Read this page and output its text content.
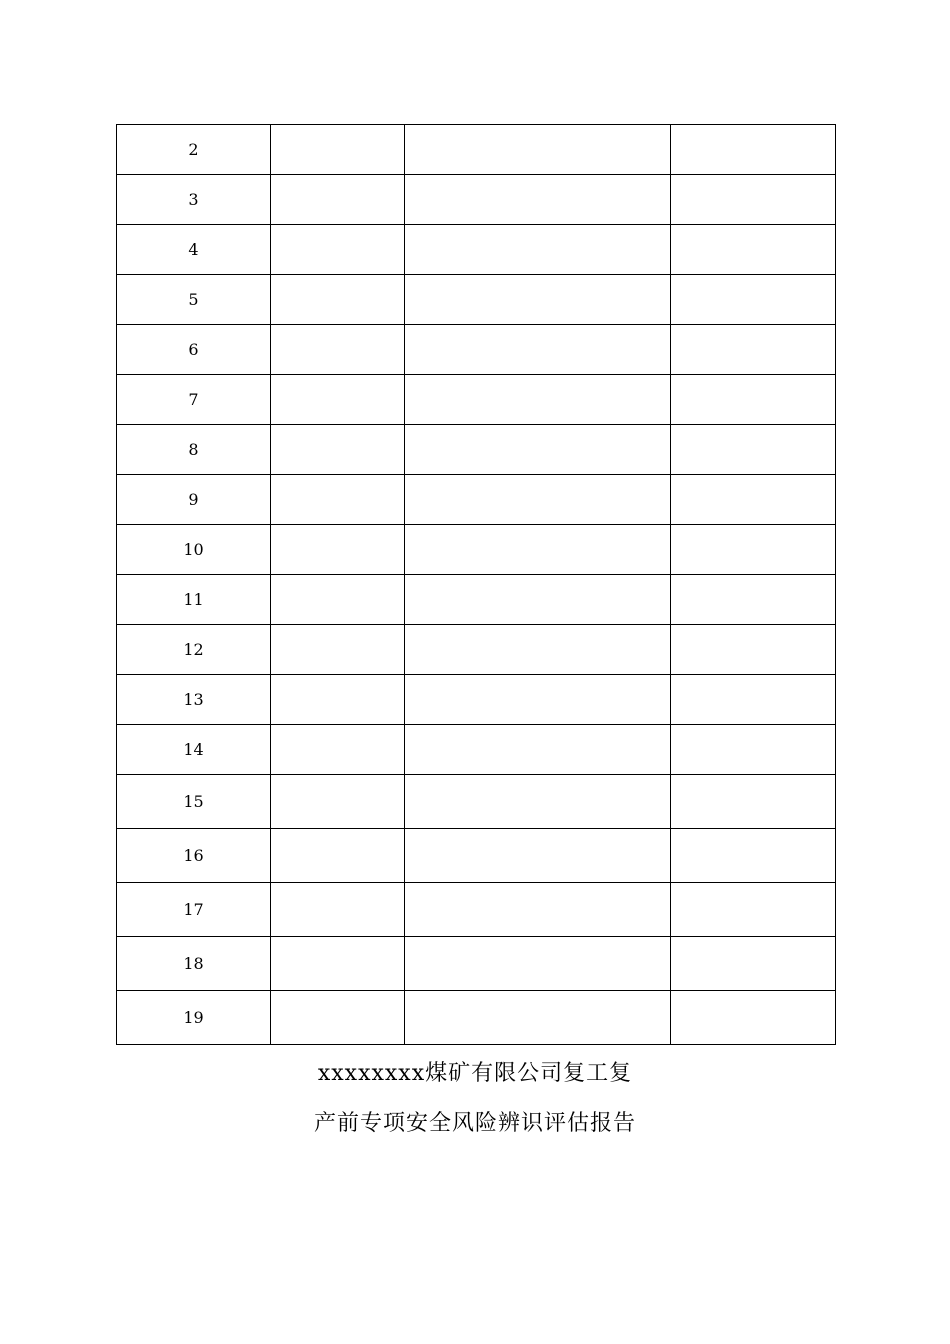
2			
3			
4			
5			
6			
7			
8			
9			
10			
11			
12			
13			
14			
15			
16			
17			
18			
19			
xxxxxxxx煤矿有限公司复工复
产前专项安全风险辨识评估报告
